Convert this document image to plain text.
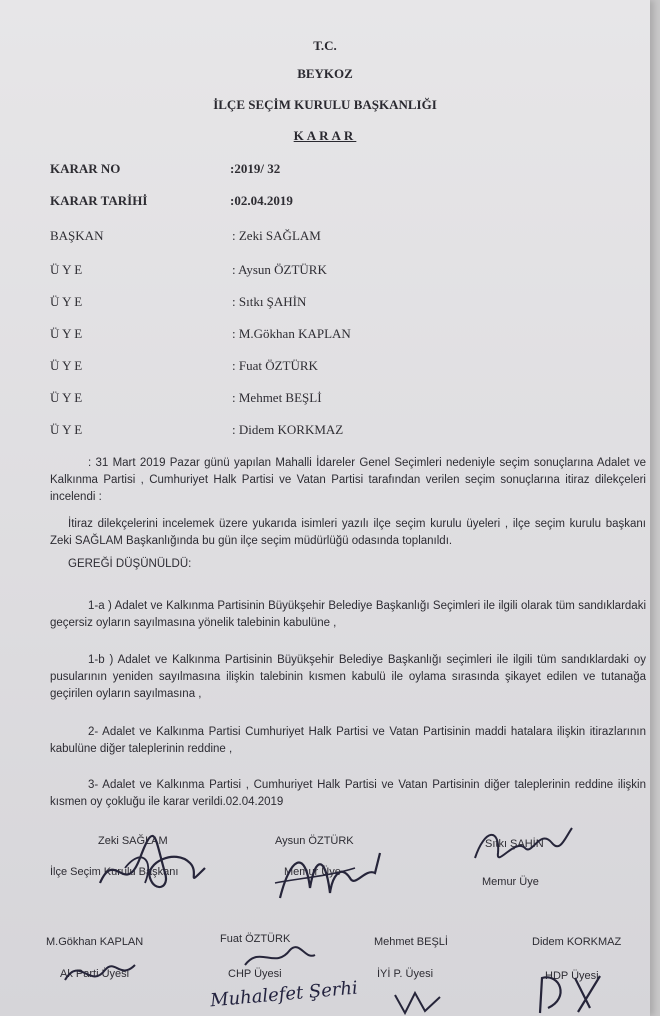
T.C.
BEYKOZ
İLÇE SEÇİM KURULU BAŞKANLIĞI
KARAR
KARAR NO	:2019/ 32
KARAR TARİHİ	:02.04.2019
BAŞKAN	: Zeki SAĞLAM
Ü Y E	: Aysun ÖZTÜRK
Ü Y E	: Sıtkı ŞAHİN
Ü Y E	: M.Gökhan KAPLAN
Ü Y E	: Fuat ÖZTÜRK
Ü Y E	: Mehmet BEŞLİ
Ü Y E	: Didem KORKMAZ
: 31 Mart 2019 Pazar günü yapılan Mahalli İdareler Genel Seçimleri nedeniyle seçim sonuçlarına Adalet ve Kalkınma Partisi , Cumhuriyet Halk Partisi ve Vatan Partisi tarafından verilen seçim sonuçlarına itiraz dilekçeleri incelendi :
İtiraz dilekçelerini incelemek üzere yukarıda isimleri yazılı ilçe seçim kurulu üyeleri , ilçe seçim kurulu başkanı Zeki SAĞLAM Başkanlığında bu gün ilçe seçim müdürlüğü odasında toplanıldı.
GEREĞİ DÜŞÜNÜLDÜ:
1-a ) Adalet ve Kalkınma Partisinin Büyükşehir Belediye Başkanlığı Seçimleri ile ilgili olarak tüm sandıklardaki geçersiz oyların sayılmasına yönelik talebinin kabulüne ,
1-b ) Adalet ve Kalkınma Partisinin Büyükşehir Belediye Başkanlığı seçimleri ile ilgili tüm sandıklardaki oy pusularının yeniden sayılmasına ilişkin talebinin kısmen kabulü ile oylama sırasında şikayet edilen ve tutanağa geçirilen oyların sayılmasına ,
2- Adalet ve Kalkınma Partisi Cumhuriyet Halk Partisi ve Vatan Partisinin maddi hatalara ilişkin itirazlarının kabulüne diğer taleplerinin reddine ,
3- Adalet ve Kalkınma Partisi , Cumhuriyet Halk Partisi ve Vatan Partisinin diğer taleplerinin reddine ilişkin kısmen oy çokluğu ile karar verildi.02.04.2019
Zeki SAĞLAM
İlçe Seçim Kurulu Başkanı
Aysun ÖZTÜRK
Memur Üye
Sıtkı ŞAHİN
Memur Üye
M.Gökhan KAPLAN
Ak Parti Üyesi
Fuat ÖZTÜRK
CHP Üyesi
Mehmet BEŞLİ
İYİ P. Üyesi
Didem KORKMAZ
HDP Üyesi
Muhalefet Şerhi
